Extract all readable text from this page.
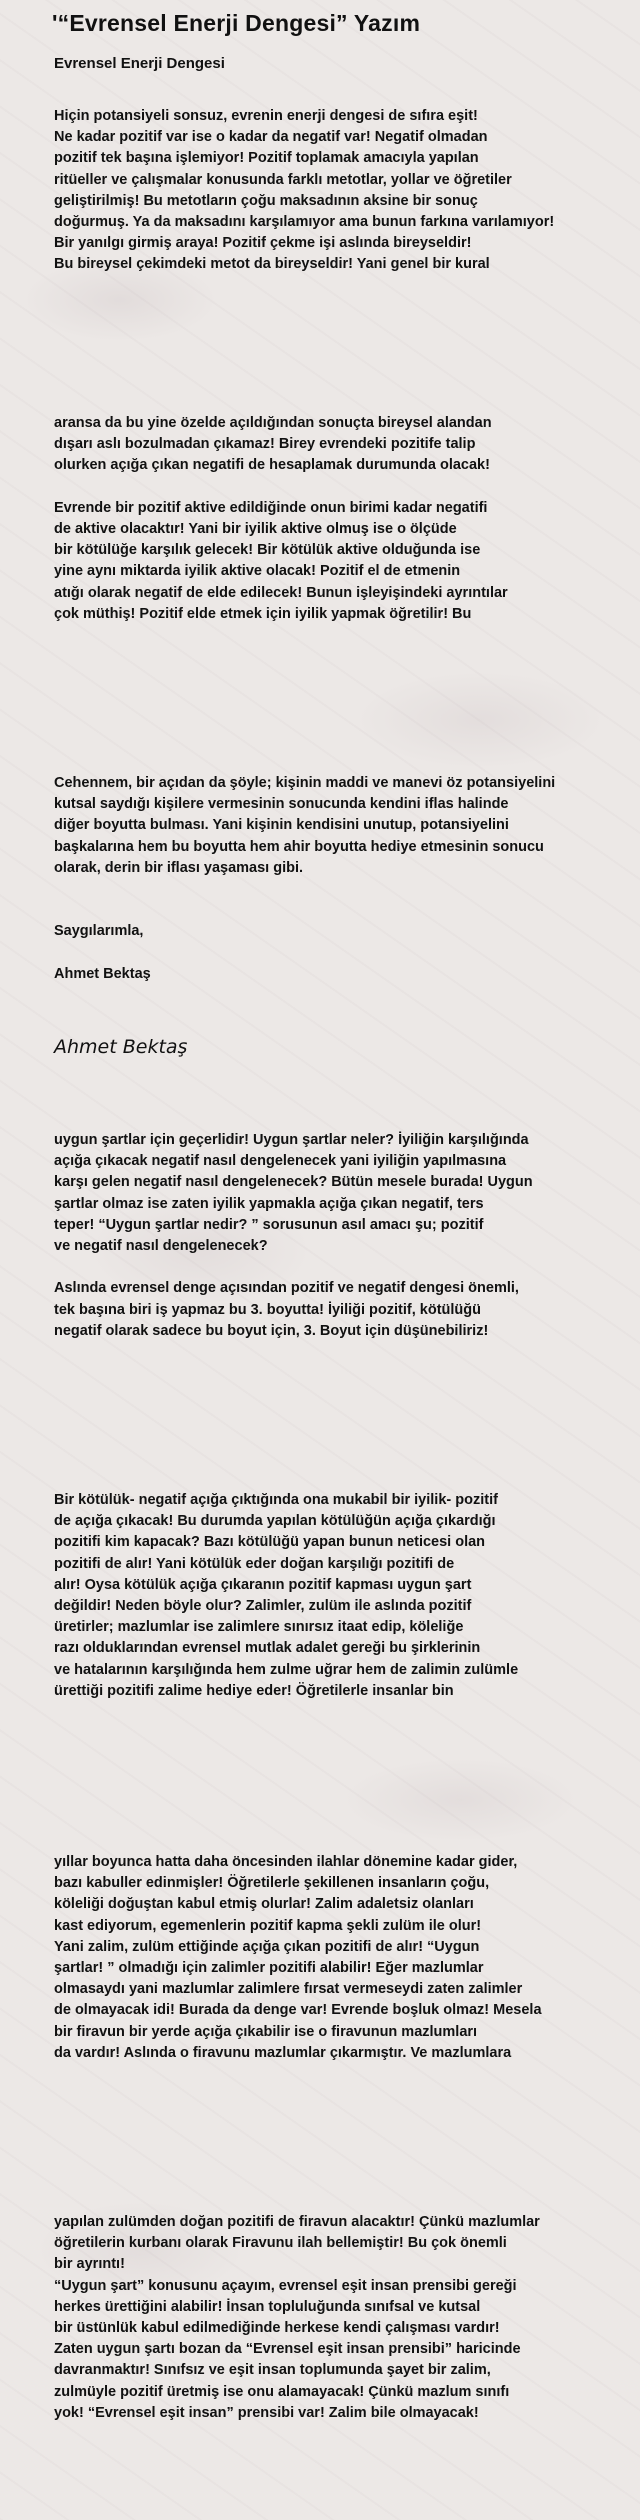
'“Evrensel Enerji Dengesi” Yazım
Evrensel Enerji Dengesi
Hiçin potansiyeli sonsuz, evrenin enerji dengesi de sıfıra eşit!
Ne kadar pozitif var ise o kadar da negatif var! Negatif olmadan
pozitif tek başına işlemiyor! Pozitif toplamak amacıyla yapılan
ritüeller ve çalışmalar konusunda farklı metotlar, yollar ve öğretiler
geliştirilmiş! Bu metotların çoğu maksadının aksine bir sonuç
doğurmuş. Ya da maksadını karşılamıyor ama bunun farkına varılamıyor!
Bir yanılgı girmiş araya! Pozitif çekme işi aslında bireyseldir!
Bu bireysel çekimdeki metot da bireyseldir! Yani genel bir kural
aransa da bu yine özelde açıldığından sonuçta bireysel alandan
dışarı aslı bozulmadan çıkamaz! Birey evrendeki pozitife talip
olurken açığa çıkan negatifi de hesaplamak durumunda olacak!
Evrende bir pozitif aktive edildiğinde onun birimi kadar negatifi
de aktive olacaktır! Yani bir iyilik aktive olmuş ise o ölçüde
bir kötülüğe karşılık gelecek! Bir kötülük aktive olduğunda ise
yine aynı miktarda iyilik aktive olacak! Pozitif el de etmenin
atığı olarak negatif de elde edilecek! Bunun işleyişindeki ayrıntılar
çok müthiş! Pozitif elde etmek için iyilik yapmak öğretilir! Bu
Cehennem, bir açıdan da şöyle; kişinin maddi ve manevi öz potansiyelini
kutsal saydığı kişilere vermesinin sonucunda kendini iflas halinde
diğer boyutta bulması. Yani kişinin kendisini unutup, potansiyelini
başkalarına hem bu boyutta hem ahir boyutta hediye etmesinin sonucu
olarak, derin bir iflası yaşaması gibi.
Saygılarımla,
Ahmet Bektaş
Ahmet Bektaş
uygun şartlar için geçerlidir! Uygun şartlar neler? İyiliğin karşılığında
açığa çıkacak negatif nasıl dengelenecek yani iyiliğin yapılmasına
karşı gelen negatif nasıl dengelenecek? Bütün mesele burada! Uygun
şartlar olmaz ise zaten iyilik yapmakla açığa çıkan negatif, ters
teper! “Uygun şartlar nedir? ” sorusunun asıl amacı şu; pozitif
ve negatif nasıl dengelenecek?
Aslında evrensel denge açısından pozitif ve negatif dengesi önemli,
tek başına biri iş yapmaz bu 3. boyutta! İyiliği pozitif, kötülüğü
negatif olarak sadece bu boyut için, 3. Boyut için düşünebiliriz!
Bir kötülük- negatif açığa çıktığında ona mukabil bir iyilik- pozitif
de açığa çıkacak! Bu durumda yapılan kötülüğün açığa çıkardığı
pozitifi kim kapacak? Bazı kötülüğü yapan bunun neticesi olan
pozitifi de alır! Yani kötülük eder doğan karşılığı pozitifi de
alır! Oysa kötülük açığa çıkaranın pozitif kapması uygun şart
değildir! Neden böyle olur? Zalimler, zulüm ile aslında pozitif
üretirler; mazlumlar ise zalimlere sınırsız itaat edip, köleliğe
razı olduklarından evrensel mutlak adalet gereği bu şirklerinin
ve hatalarının karşılığında hem zulme uğrar hem de zalimin zulümle
ürettiği pozitifi zalime hediye eder! Öğretilerle insanlar bin
yıllar boyunca hatta daha öncesinden ilahlar dönemine kadar gider,
bazı kabuller edinmişler! Öğretilerle şekillenen insanların çoğu,
köleliği doğuştan kabul etmiş olurlar! Zalim adaletsiz olanları
kast ediyorum, egemenlerin pozitif kapma şekli zulüm ile olur!
Yani zalim, zulüm ettiğinde açığa çıkan pozitifi de alır! “Uygun
şartlar! ” olmadığı için zalimler pozitifi alabilir! Eğer mazlumlar
olmasaydı yani mazlumlar zalimlere fırsat vermeseydi zaten zalimler
de olmayacak idi! Burada da denge var! Evrende boşluk olmaz! Mesela
bir firavun bir yerde açığa çıkabilir ise o firavunun mazlumları
da vardır! Aslında o firavunu mazlumlar çıkarmıştır. Ve mazlumlara
yapılan zulümden doğan pozitifi de firavun alacaktır! Çünkü mazlumlar
öğretilerin kurbanı olarak Firavunu ilah bellemiştir! Bu çok önemli
bir ayrıntı!
“Uygun şart” konusunu açayım, evrensel eşit insan prensibi gereği
herkes ürettiğini alabilir! İnsan topluluğunda sınıfsal ve kutsal
bir üstünlük kabul edilmediğinde herkese kendi çalışması vardır!
Zaten uygun şartı bozan da “Evrensel eşit insan prensibi” haricinde
davranmaktır! Sınıfsız ve eşit insan toplumunda şayet bir zalim,
zulmüyle pozitif üretmiş ise onu alamayacak! Çünkü mazlum sınıfı
yok! “Evrensel eşit insan” prensibi var! Zalim bile olmayacak!
